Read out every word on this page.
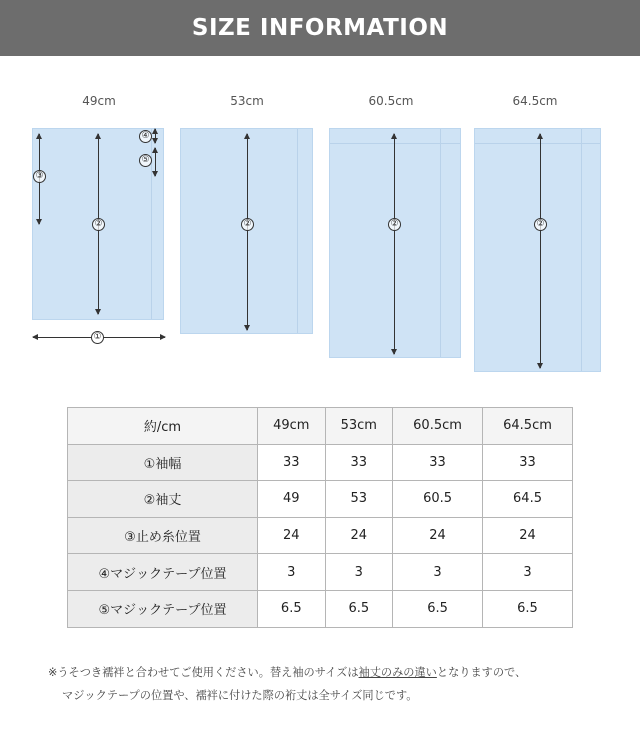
SIZE INFORMATION
49cm	53cm	60.5cm	64.5cm
②
③
④
⑤
①
②	②	②
約/cm	49cm	53cm	60.5cm	64.5cm
①袖幅	33	33	33	33
②袖丈	49	53	60.5	64.5
③止め糸位置	24	24	24	24
④マジックテープ位置	3	3	3	3
⑤マジックテープ位置	6.5	6.5	6.5	6.5
※うそつき襦袢と合わせてご使用ください。替え袖のサイズは袖丈のみの違いとなりますので、
マジックテープの位置や、襦袢に付けた際の裄丈は全サイズ同じです。
